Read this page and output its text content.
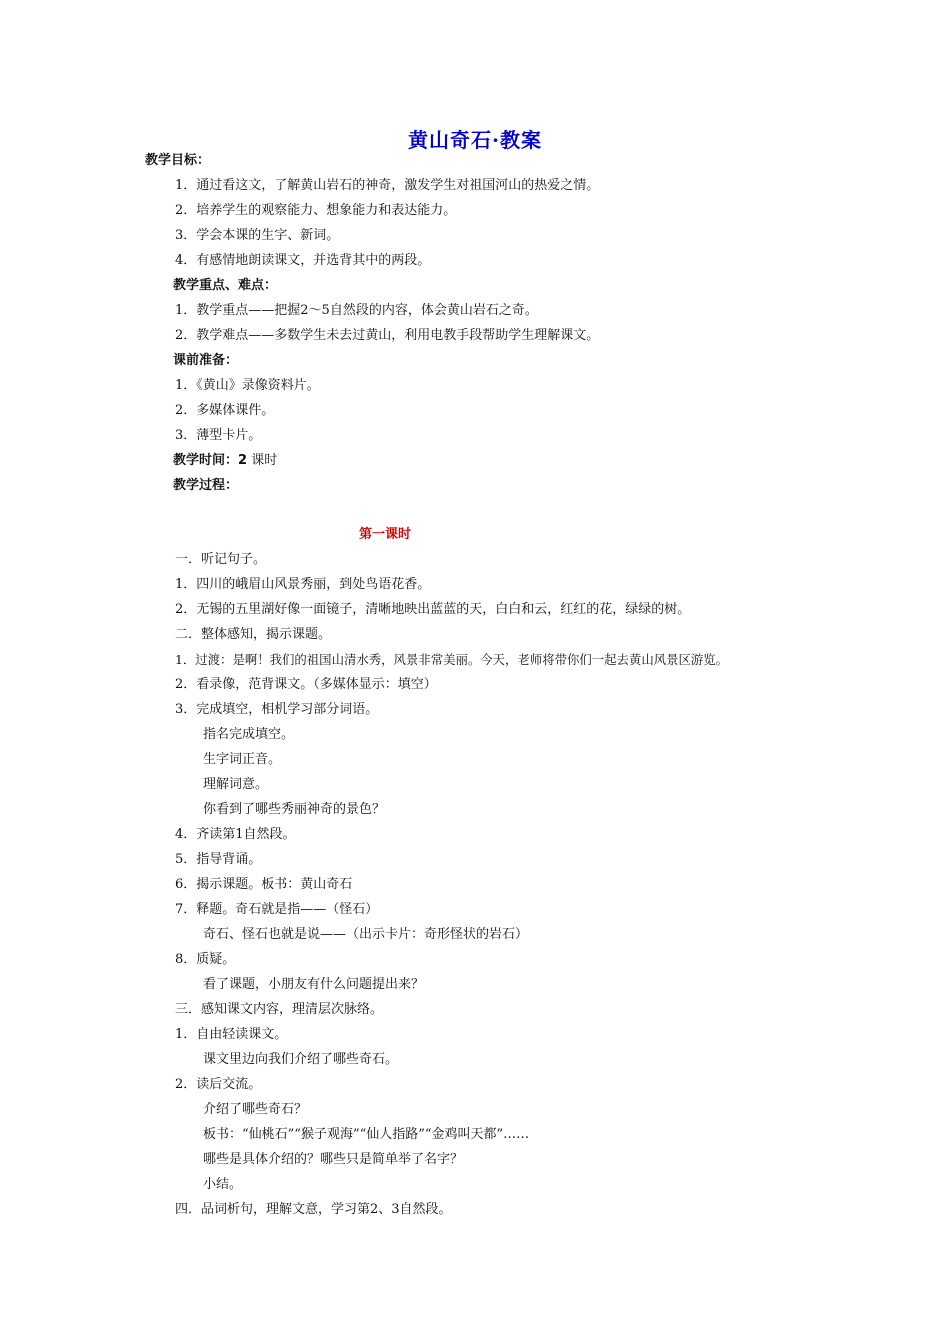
黄山奇石·教案
教学目标：
1．通过看这文，了解黄山岩石的神奇，激发学生对祖国河山的热爱之情。
2．培养学生的观察能力、想象能力和表达能力。
3．学会本课的生字、新词。
4．有感情地朗读课文，并选背其中的两段。
教学重点、难点：
1．教学重点——把握2～5自然段的内容，体会黄山岩石之奇。
2．教学难点——多数学生未去过黄山，利用电教手段帮助学生理解课文。
课前准备：
1．《黄山》录像资料片。
2．多媒体课件。
3．薄型卡片。
教学时间：2 课时
教学过程：
第一课时
一．听记句子。
1．四川的峨眉山风景秀丽，到处鸟语花香。
2．无锡的五里湖好像一面镜子，清晰地映出蓝蓝的天，白白和云，红红的花，绿绿的树。
二．整体感知，揭示课题。
1．过渡：是啊！我们的祖国山清水秀，风景非常美丽。今天，老师将带你们一起去黄山风景区游览。
2．看录像，范背课文。（多媒体显示：填空）
3．完成填空，相机学习部分词语。
指名完成填空。
生字词正音。
理解词意。
你看到了哪些秀丽神奇的景色？
4．齐读第1自然段。
5．指导背诵。
6．揭示课题。板书：黄山奇石
7．释题。奇石就是指——（怪石）
奇石、怪石也就是说——（出示卡片：奇形怪状的岩石）
8．质疑。
看了课题，小朋友有什么问题提出来？
三．感知课文内容，理清层次脉络。
1．自由轻读课文。
课文里边向我们介绍了哪些奇石。
2．读后交流。
介绍了哪些奇石？
板书：“仙桃石”“猴子观海”“仙人指路”“金鸡叫天都”……
哪些是具体介绍的？哪些只是简单举了名字？
小结。
四．品词析句，理解文意，学习第2、3自然段。
